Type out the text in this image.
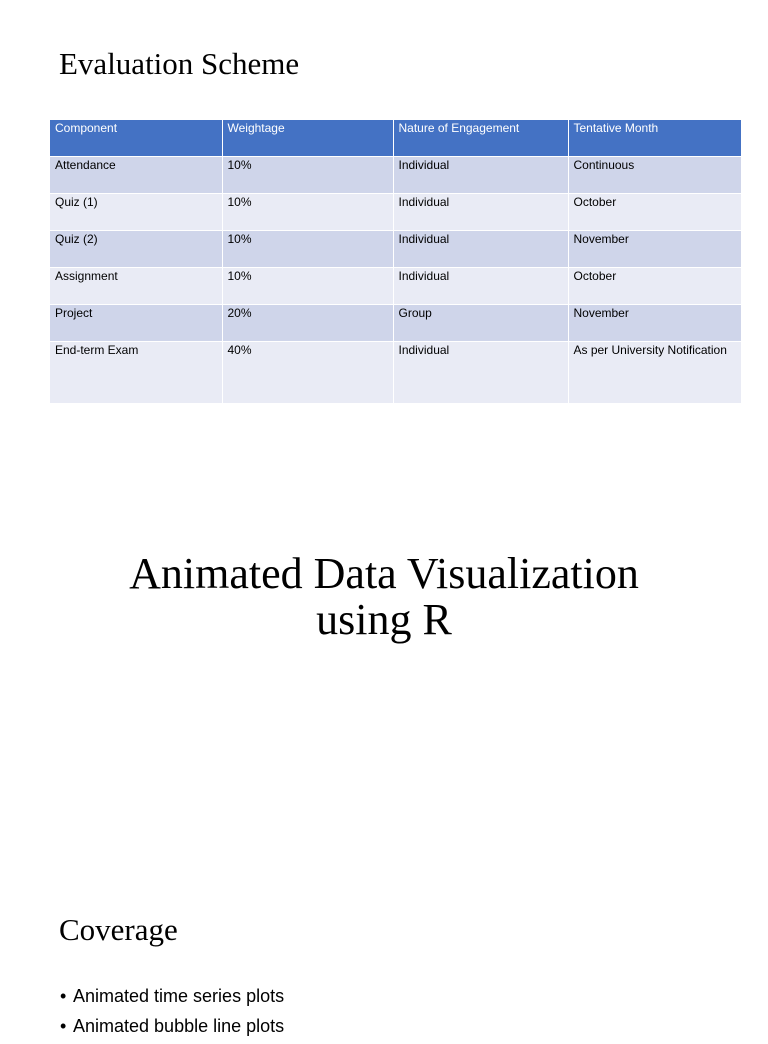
Evaluation Scheme
Component	Weightage	Nature of Engagement	Tentative Month
Attendance	10%	Individual	Continuous
Quiz (1)	10%	Individual	October
Quiz (2)	10%	Individual	November
Assignment	10%	Individual	October
Project	20%	Group	November
End-term Exam	40%	Individual	As per University Notification
Animated Data Visualization
using R
Coverage
• Animated time series plots
• Animated bubble line plots
